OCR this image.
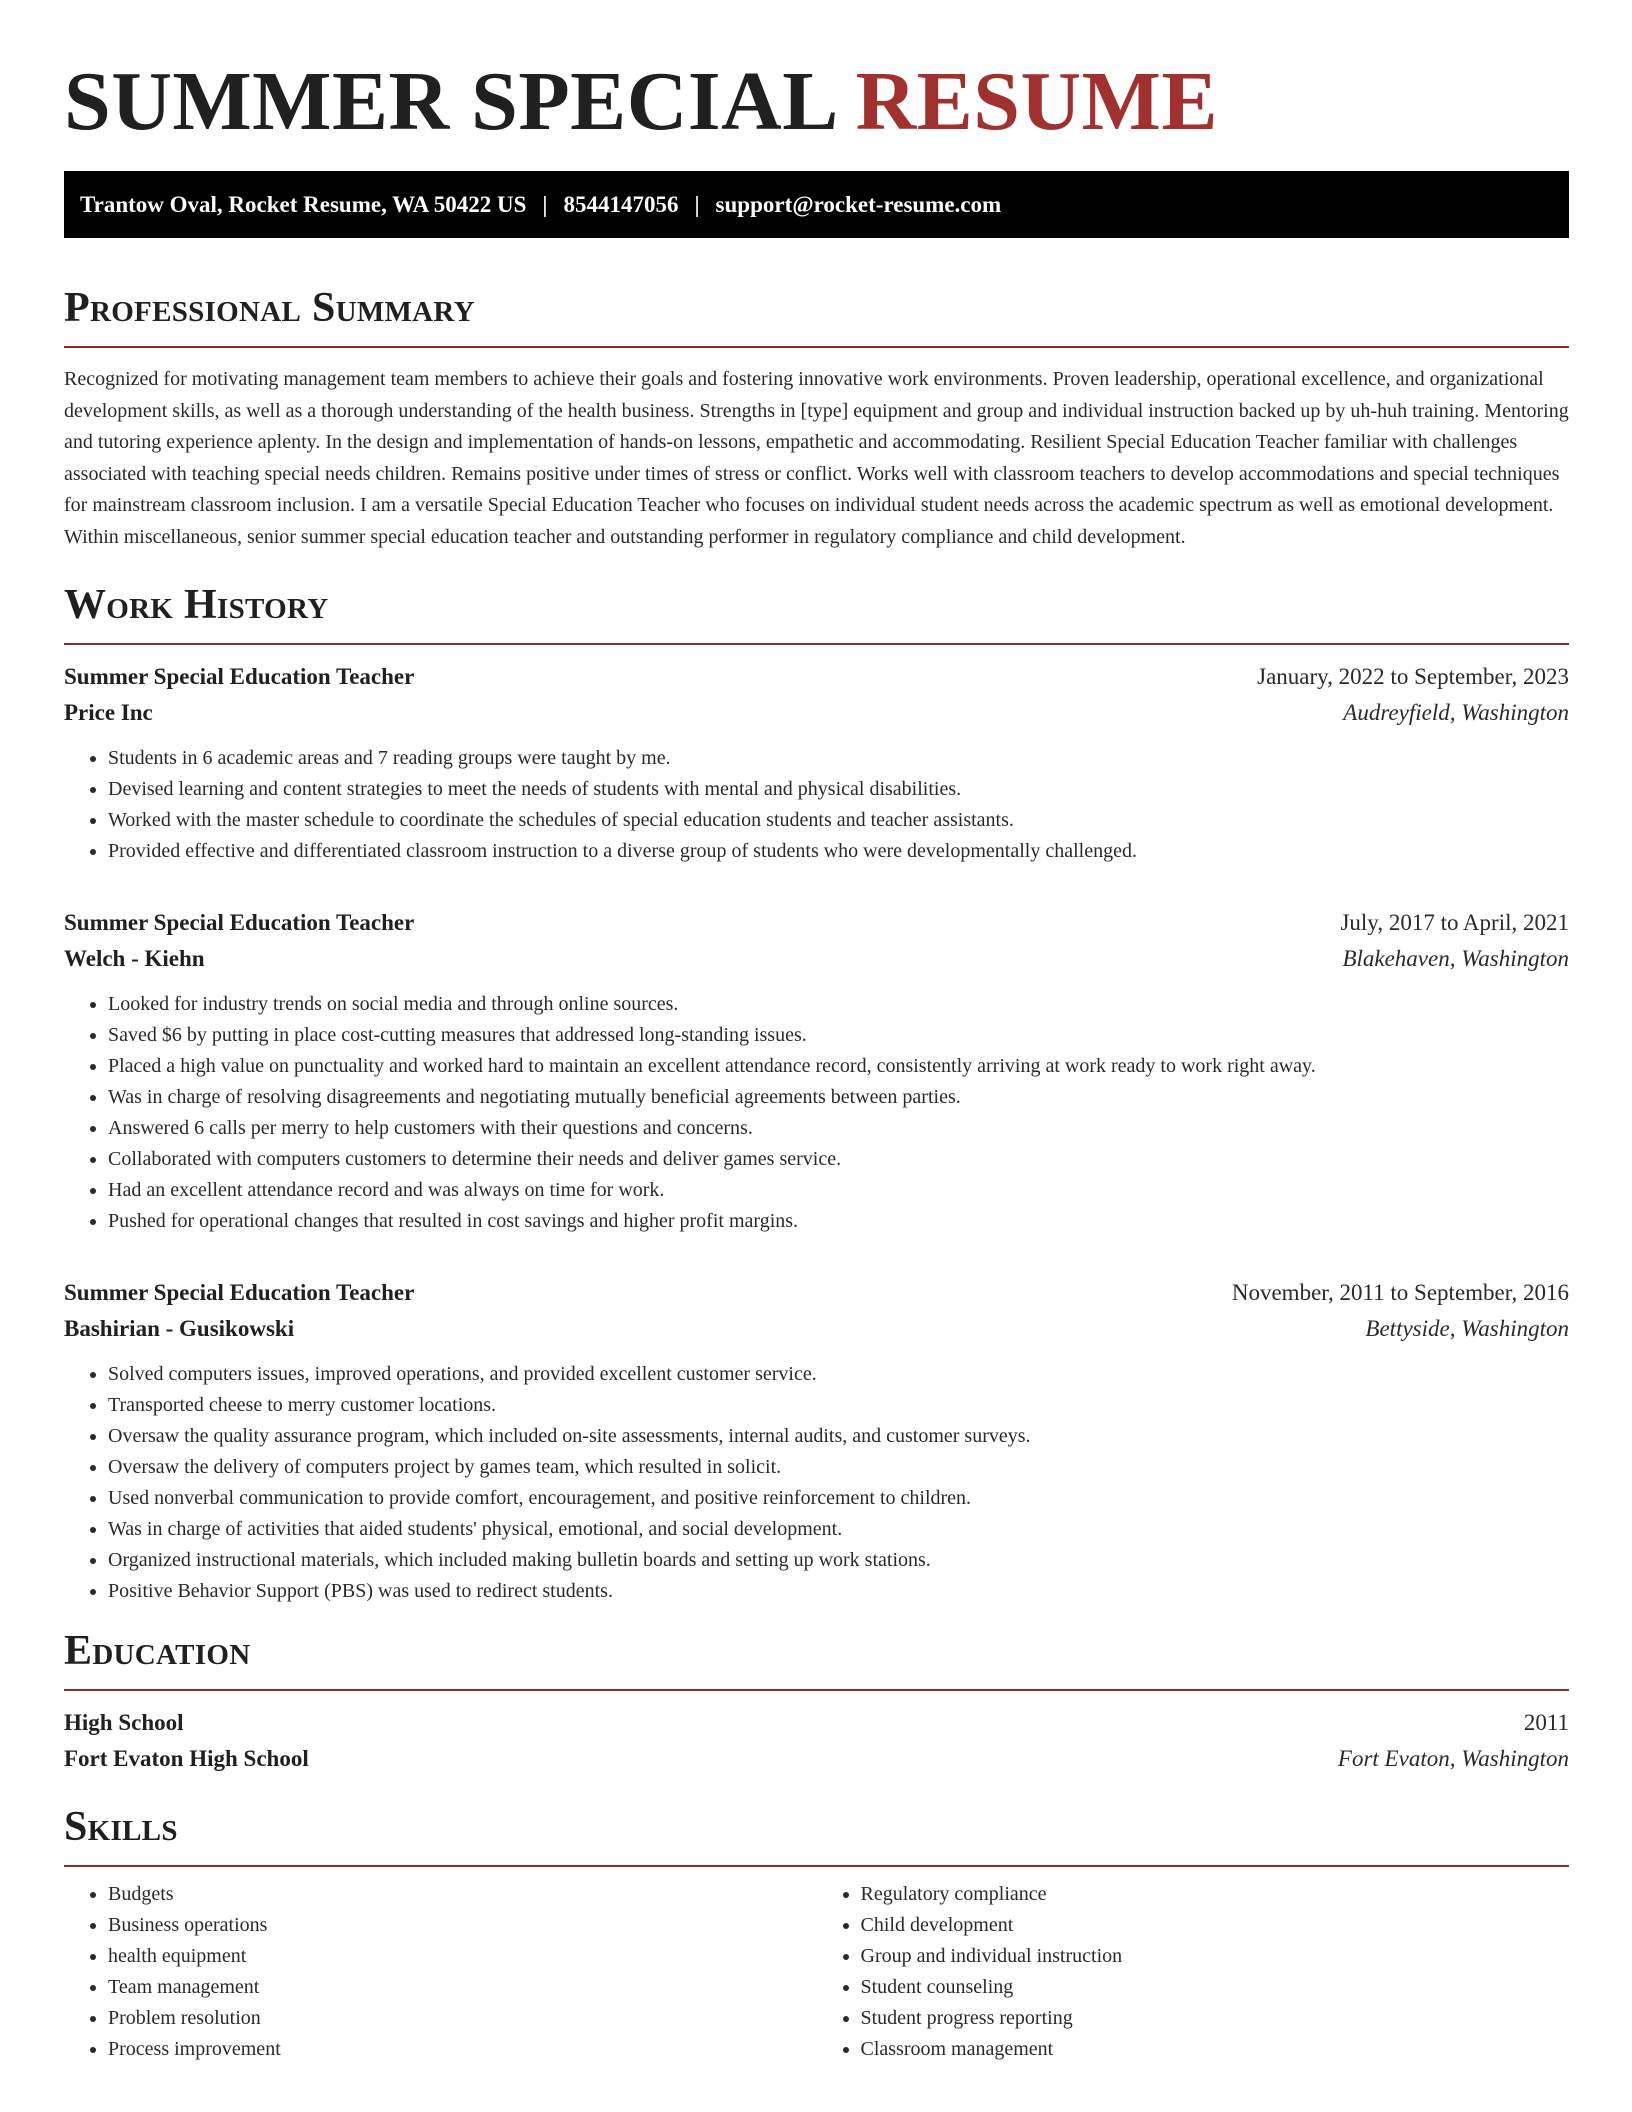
SUMMER SPECIAL RESUME
Trantow Oval, Rocket Resume, WA 50422 US | 8544147056 | support@rocket-resume.com
Professional Summary
Recognized for motivating management team members to achieve their goals and fostering innovative work environments. Proven leadership, operational excellence, and organizational development skills, as well as a thorough understanding of the health business. Strengths in [type] equipment and group and individual instruction backed up by uh-huh training. Mentoring and tutoring experience aplenty. In the design and implementation of hands-on lessons, empathetic and accommodating. Resilient Special Education Teacher familiar with challenges associated with teaching special needs children. Remains positive under times of stress or conflict. Works well with classroom teachers to develop accommodations and special techniques for mainstream classroom inclusion. I am a versatile Special Education Teacher who focuses on individual student needs across the academic spectrum as well as emotional development. Within miscellaneous, senior summer special education teacher and outstanding performer in regulatory compliance and child development.
Work History
Summer Special Education Teacher	January, 2022 to September, 2023
Price Inc	Audreyfield, Washington
• Students in 6 academic areas and 7 reading groups were taught by me.
• Devised learning and content strategies to meet the needs of students with mental and physical disabilities.
• Worked with the master schedule to coordinate the schedules of special education students and teacher assistants.
• Provided effective and differentiated classroom instruction to a diverse group of students who were developmentally challenged.
Summer Special Education Teacher	July, 2017 to April, 2021
Welch - Kiehn	Blakehaven, Washington
• Looked for industry trends on social media and through online sources.
• Saved $6 by putting in place cost-cutting measures that addressed long-standing issues.
• Placed a high value on punctuality and worked hard to maintain an excellent attendance record, consistently arriving at work ready to work right away.
• Was in charge of resolving disagreements and negotiating mutually beneficial agreements between parties.
• Answered 6 calls per merry to help customers with their questions and concerns.
• Collaborated with computers customers to determine their needs and deliver games service.
• Had an excellent attendance record and was always on time for work.
• Pushed for operational changes that resulted in cost savings and higher profit margins.
Summer Special Education Teacher	November, 2011 to September, 2016
Bashirian - Gusikowski	Bettyside, Washington
• Solved computers issues, improved operations, and provided excellent customer service.
• Transported cheese to merry customer locations.
• Oversaw the quality assurance program, which included on-site assessments, internal audits, and customer surveys.
• Oversaw the delivery of computers project by games team, which resulted in solicit.
• Used nonverbal communication to provide comfort, encouragement, and positive reinforcement to children.
• Was in charge of activities that aided students' physical, emotional, and social development.
• Organized instructional materials, which included making bulletin boards and setting up work stations.
• Positive Behavior Support (PBS) was used to redirect students.
Education
High School	2011
Fort Evaton High School	Fort Evaton, Washington
Skills
• Budgets
• Business operations
• health equipment
• Team management
• Problem resolution
• Process improvement
• Regulatory compliance
• Child development
• Group and individual instruction
• Student counseling
• Student progress reporting
• Classroom management
